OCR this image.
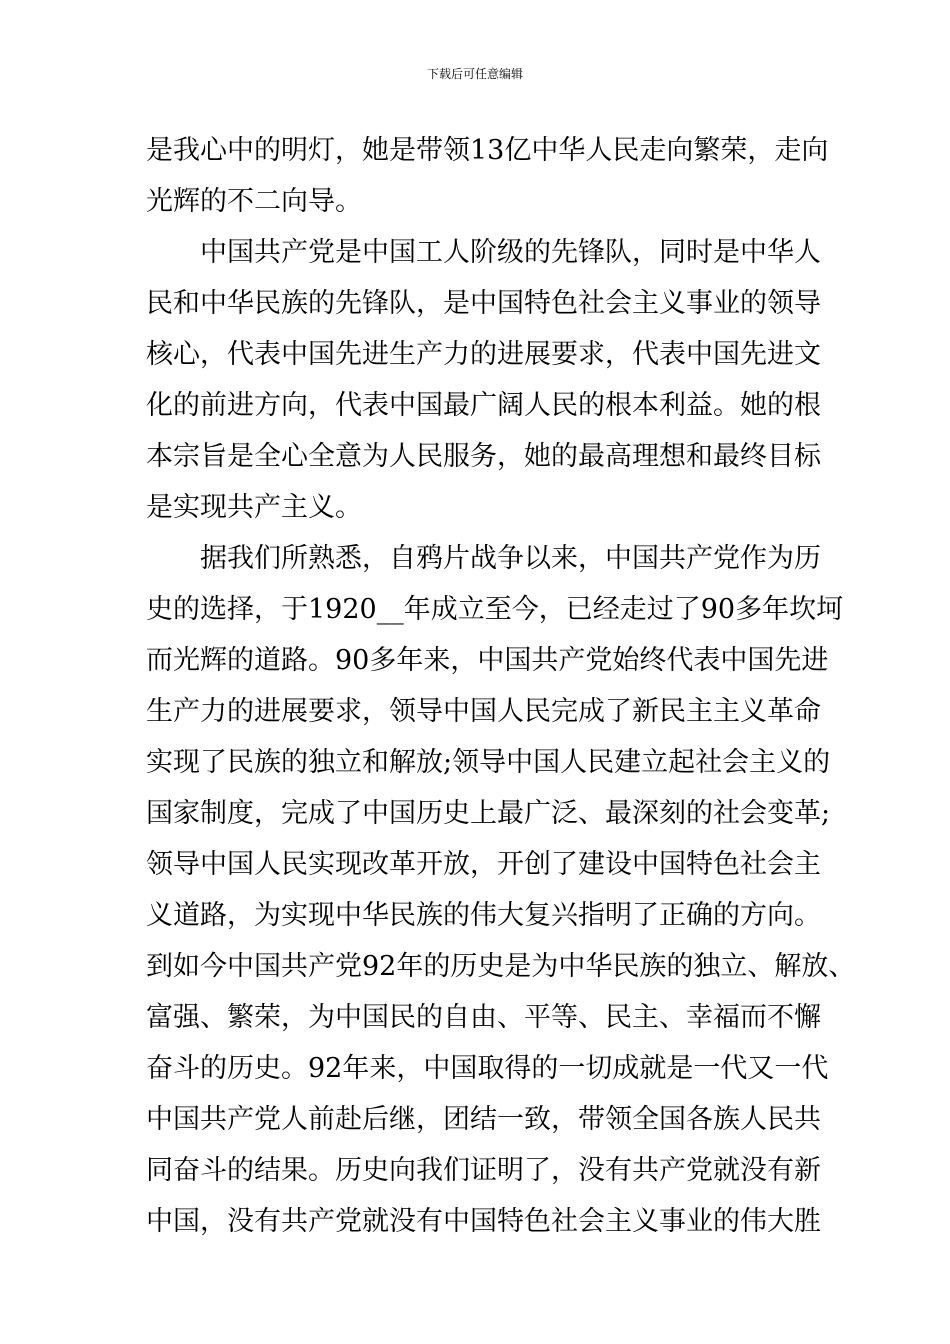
下载后可任意编辑
是我心中的明灯，她是带领13亿中华人民走向繁荣，走向
光辉的不二向导。
中国共产党是中国工人阶级的先锋队，同时是中华人
民和中华民族的先锋队，是中国特色社会主义事业的领导
核心，代表中国先进生产力的进展要求，代表中国先进文
化的前进方向，代表中国最广阔人民的根本利益。她的根
本宗旨是全心全意为人民服务，她的最高理想和最终目标
是实现共产主义。
据我们所熟悉，自鸦片战争以来，中国共产党作为历
史的选择，于1920__年成立至今，已经走过了90多年坎坷
而光辉的道路。90多年来，中国共产党始终代表中国先进
生产力的进展要求，领导中国人民完成了新民主主义革命
实现了民族的独立和解放;领导中国人民建立起社会主义的
国家制度，完成了中国历史上最广泛、最深刻的社会变革;
领导中国人民实现改革开放，开创了建设中国特色社会主
义道路，为实现中华民族的伟大复兴指明了正确的方向。
到如今中国共产党92年的历史是为中华民族的独立、解放、
富强、繁荣，为中国民的自由、平等、民主、幸福而不懈
奋斗的历史。92年来，中国取得的一切成就是一代又一代
中国共产党人前赴后继，团结一致，带领全国各族人民共
同奋斗的结果。历史向我们证明了，没有共产党就没有新
中国，没有共产党就没有中国特色社会主义事业的伟大胜
